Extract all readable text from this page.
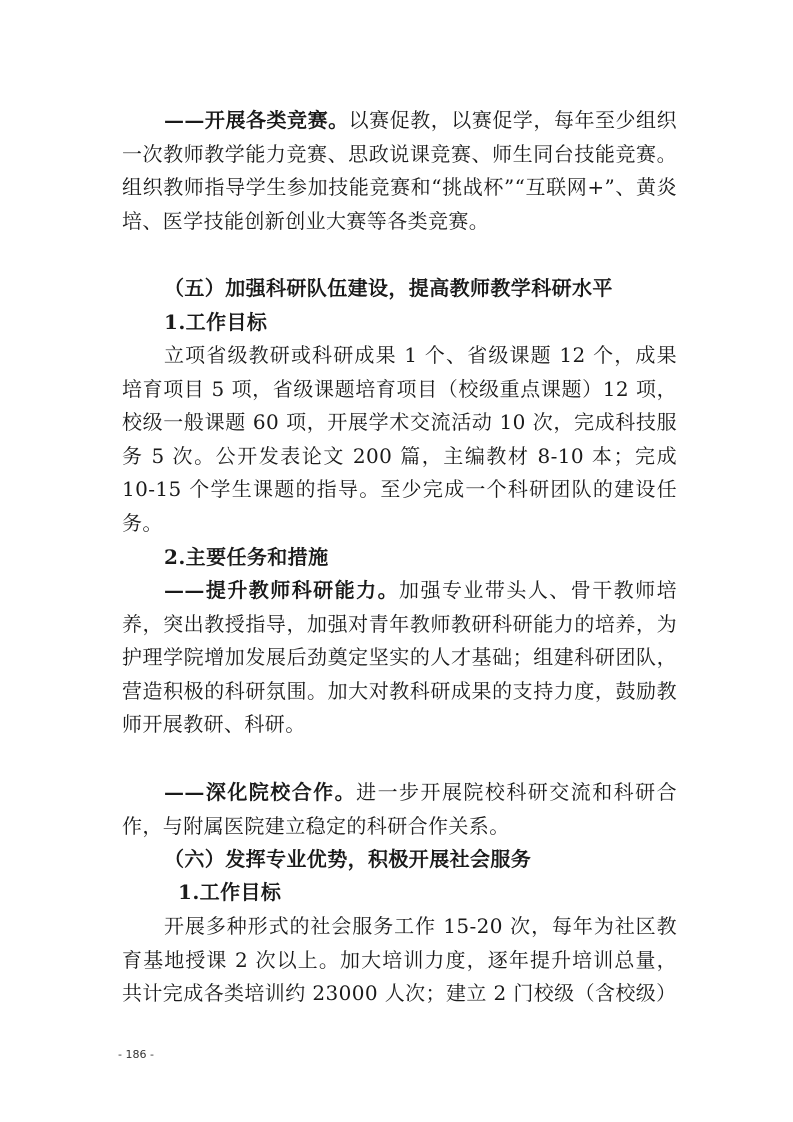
——开展各类竞赛。以赛促教，以赛促学，每年至少组织一次教师教学能力竞赛、思政说课竞赛、师生同台技能竞赛。组织教师指导学生参加技能竞赛和“挑战杯”“互联网+”、黄炎培、医学技能创新创业大赛等各类竞赛。

（五）加强科研队伍建设，提高教师教学科研水平

1.工作目标

立项省级教研或科研成果 1 个、省级课题 12 个，成果培育项目 5 项，省级课题培育项目（校级重点课题）12 项，校级一般课题 60 项，开展学术交流活动 10 次，完成科技服务 5 次。公开发表论文 200 篇，主编教材 8-10 本；完成 10-15 个学生课题的指导。至少完成一个科研团队的建设任务。

2.主要任务和措施

——提升教师科研能力。加强专业带头人、骨干教师培养，突出教授指导，加强对青年教师教研科研能力的培养，为护理学院增加发展后劲奠定坚实的人才基础；组建科研团队，营造积极的科研氛围。加大对教科研成果的支持力度，鼓励教师开展教研、科研。

——深化院校合作。进一步开展院校科研交流和科研合作，与附属医院建立稳定的科研合作关系。

（六）发挥专业优势，积极开展社会服务

1.工作目标

开展多种形式的社会服务工作 15-20 次，每年为社区教育基地授课 2 次以上。加大培训力度，逐年提升培训总量，共计完成各类培训约 23000 人次；建立 2 门校级（含校级）

- 186 -
